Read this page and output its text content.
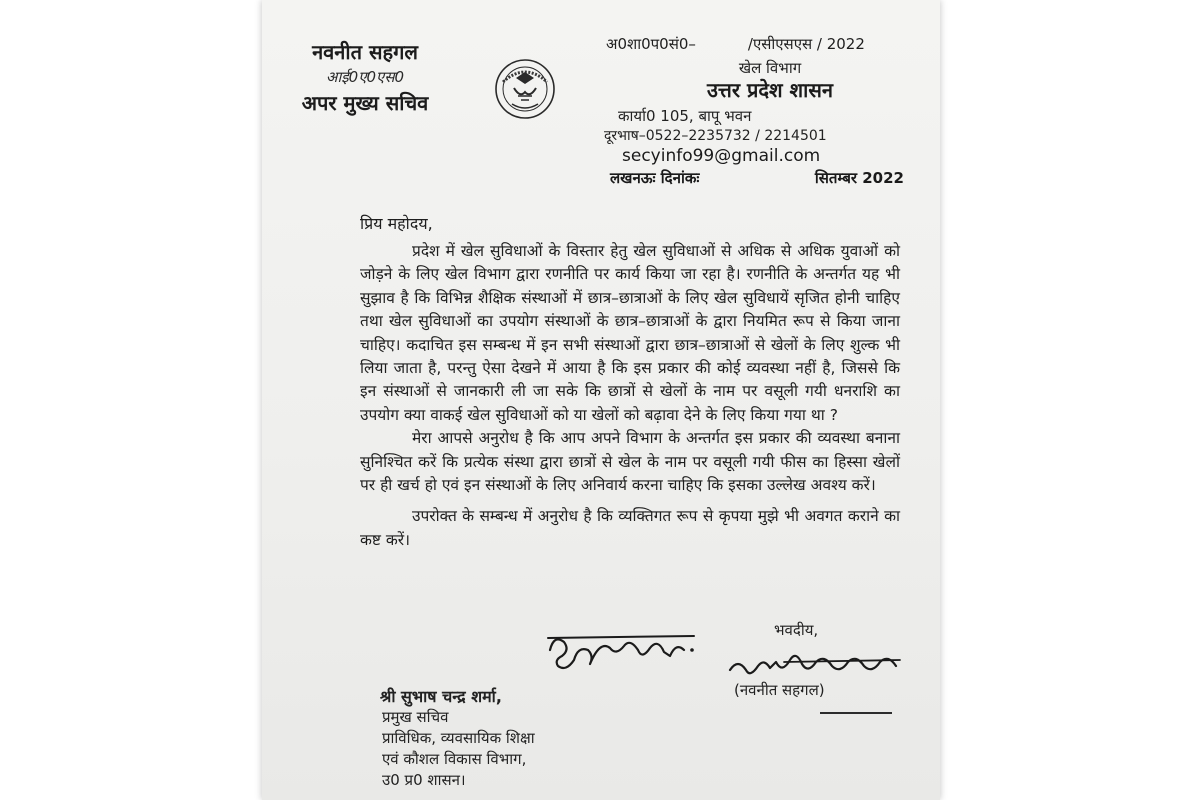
नवनीत सहगल
आई0ए0एस0
अपर मुख्य सचिव
अ0शा0प0सं0–	/एसीएसएस / 2022
खेल विभाग
उत्तर प्रदेश शासन
कार्या0 105, बापू भवन
दूरभाष–0522–2235732 / 2214501
secyinfo99@gmail.com
लखनऊः दिनांकः	सितम्बर 2022
प्रिय महोदय,

प्रदेश में खेल सुविधाओं के विस्तार हेतु खेल सुविधाओं से अधिक से अधिक युवाओं को जोड़ने के लिए खेल विभाग द्वारा रणनीति पर कार्य किया जा रहा है। रणनीति के अन्तर्गत यह भी सुझाव है कि विभिन्न शैक्षिक संस्थाओं में छात्र–छात्राओं के लिए खेल सुविधायें सृजित होनी चाहिए तथा खेल सुविधाओं का उपयोग संस्थाओं के छात्र–छात्राओं के द्वारा नियमित रूप से किया जाना चाहिए। कदाचित इस सम्बन्ध में इन सभी संस्थाओं द्वारा छात्र–छात्राओं से खेलों के लिए शुल्क भी लिया जाता है, परन्तु ऐसा देखने में आया है कि इस प्रकार की कोई व्यवस्था नहीं है, जिससे कि इन संस्थाओं से जानकारी ली जा सके कि छात्रों से खेलों के नाम पर वसूली गयी धनराशि का उपयोग क्या वाकई खेल सुविधाओं को या खेलों को बढ़ावा देने के लिए किया गया था ?

मेरा आपसे अनुरोध है कि आप अपने विभाग के अन्तर्गत इस प्रकार की व्यवस्था बनाना सुनिश्चित करें कि प्रत्येक संस्था द्वारा छात्रों से खेल के नाम पर वसूली गयी फीस का हिस्सा खेलों पर ही खर्च हो एवं इन संस्थाओं के लिए अनिवार्य करना चाहिए कि इसका उल्लेख अवश्य करें।

उपरोक्त के सम्बन्ध में अनुरोध है कि व्यक्तिगत रूप से कृपया मुझे भी अवगत कराने का कष्ट करें।

भवदीय,
(नवनीत सहगल)
श्री सुभाष चन्द्र शर्मा,
प्रमुख सचिव
प्राविधिक, व्यवसायिक शिक्षा
एवं कौशल विकास विभाग,
उ0 प्र0 शासन।
